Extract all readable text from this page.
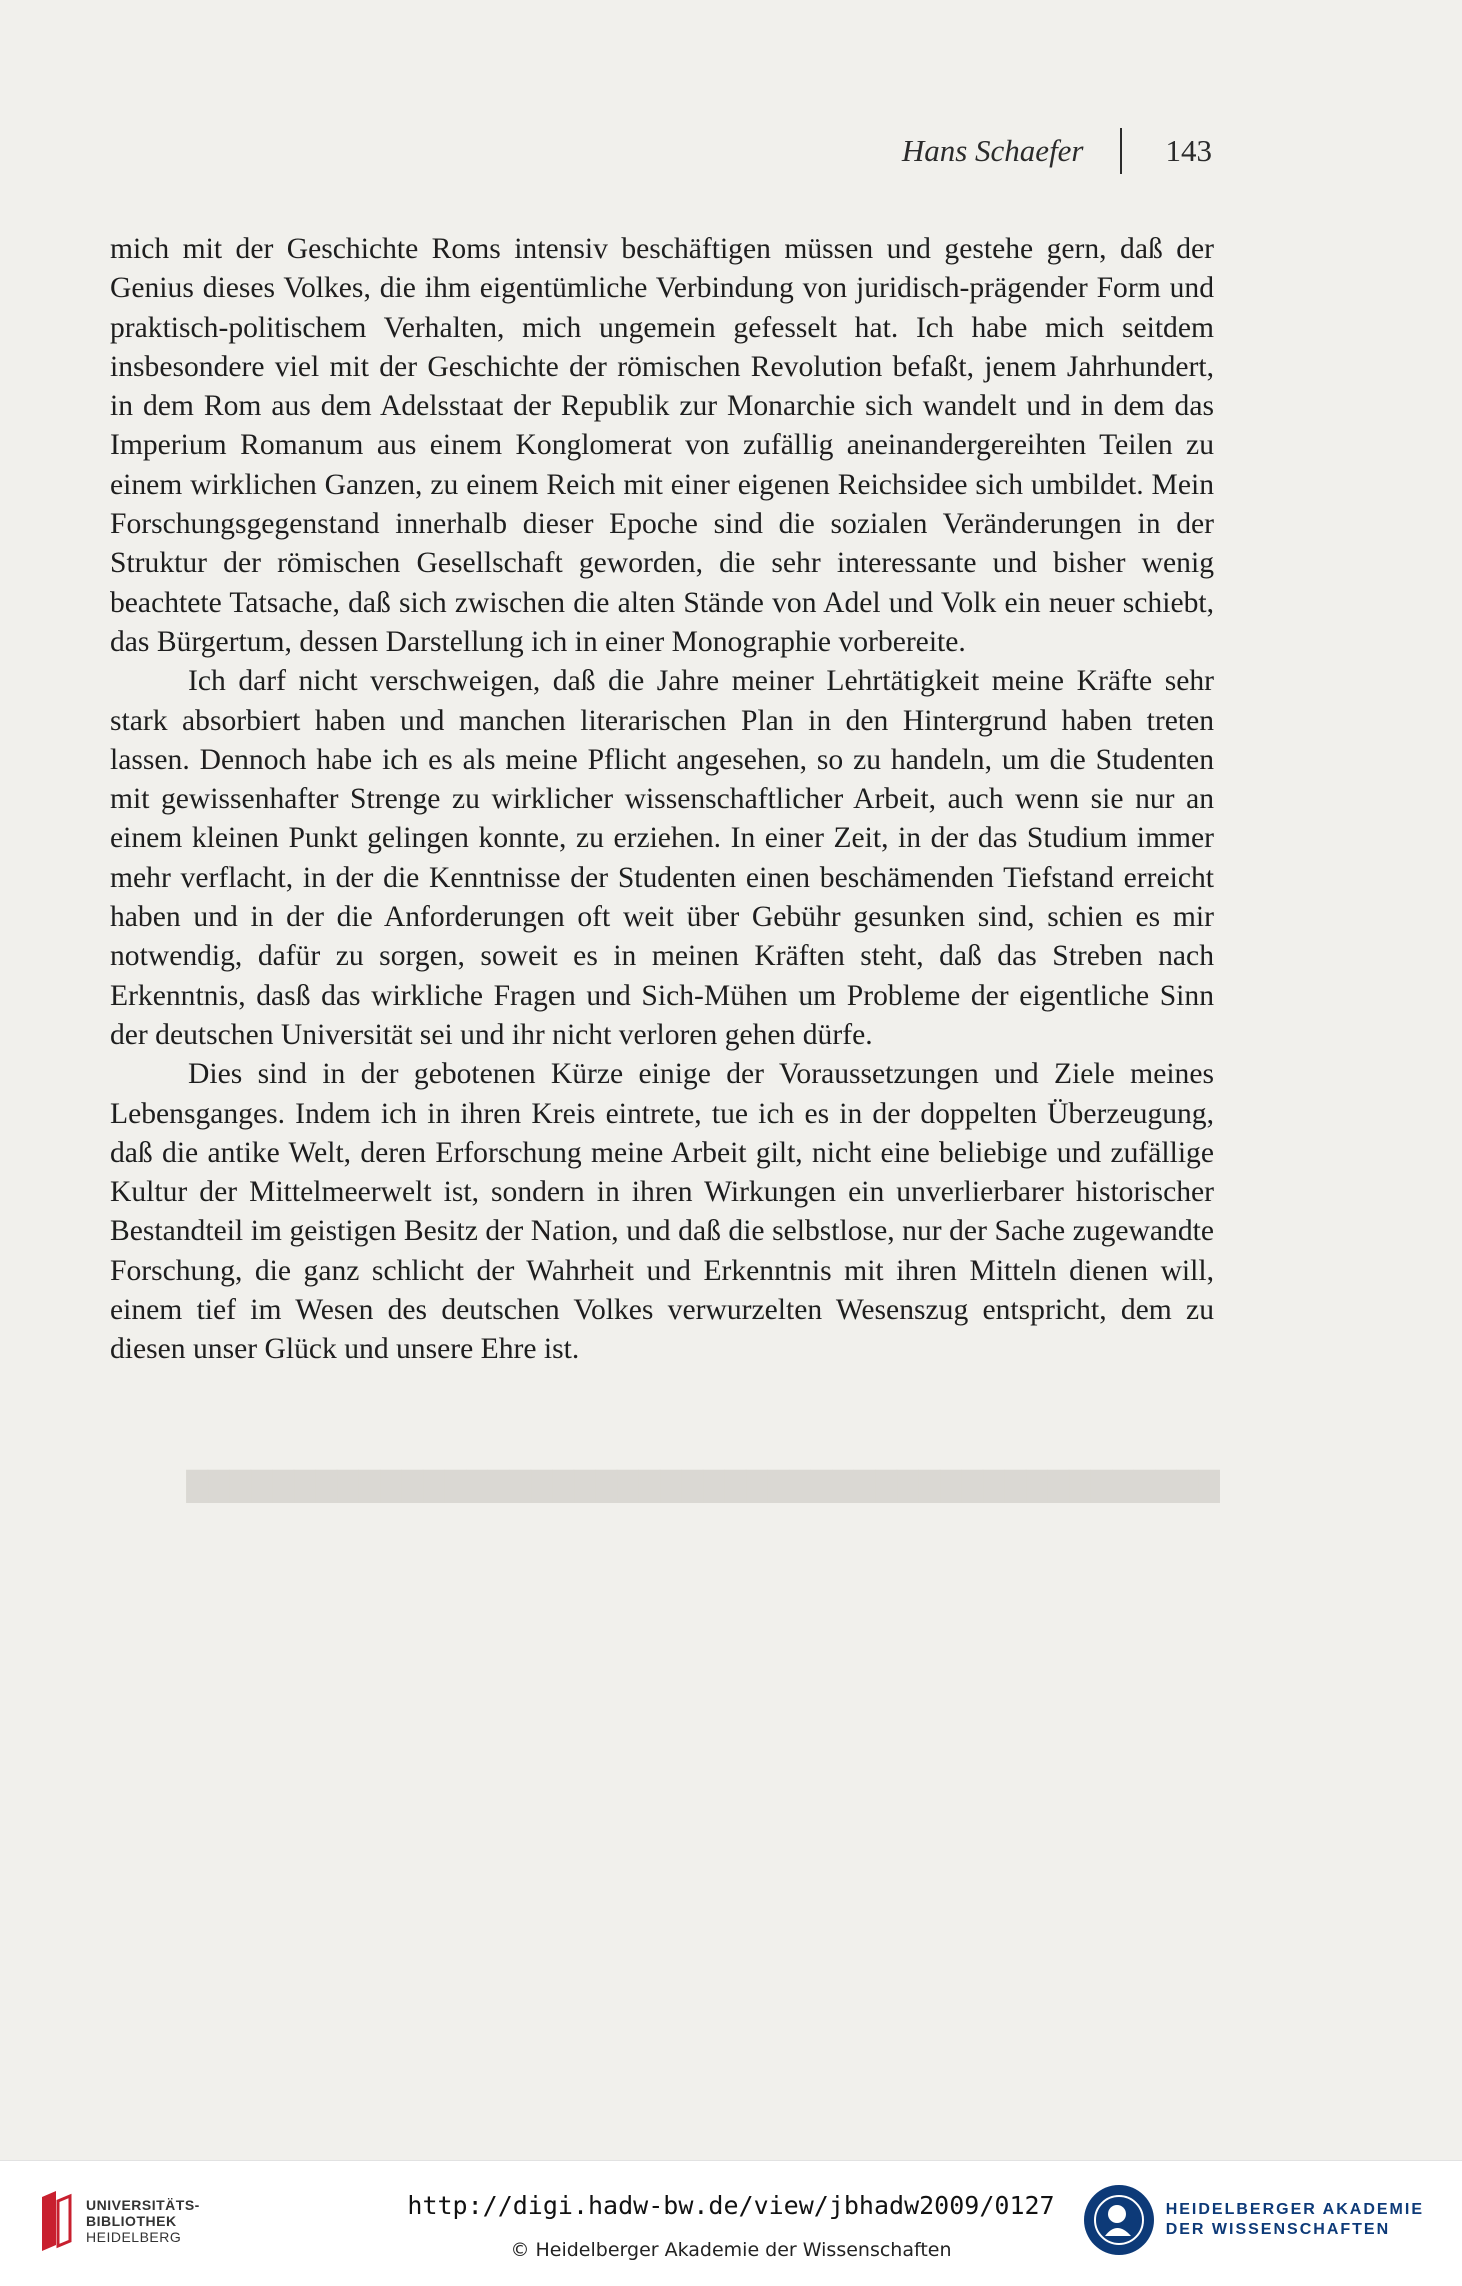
████████████████████████████████████████████████
Hans Schaefer	143

mich mit der Geschichte Roms intensiv beschäftigen müssen und gestehe gern, daß der Genius dieses Volkes, die ihm eigentümliche Verbindung von juridisch-prägender Form und praktisch-politischem Verhalten, mich ungemein gefesselt hat. Ich habe mich seitdem insbesondere viel mit der Geschichte der römischen Revolution befaßt, jenem Jahrhundert, in dem Rom aus dem Adelsstaat der Republik zur Monarchie sich wandelt und in dem das Imperium Romanum aus einem Konglomerat von zufällig aneinandergereihten Teilen zu einem wirklichen Ganzen, zu einem Reich mit einer eigenen Reichsidee sich umbildet. Mein Forschungsgegenstand innerhalb dieser Epoche sind die sozialen Veränderungen in der Struktur der römischen Gesellschaft geworden, die sehr interessante und bisher wenig beachtete Tatsache, daß sich zwischen die alten Stände von Adel und Volk ein neuer schiebt, das Bürgertum, dessen Darstellung ich in einer Monographie vorbereite.

Ich darf nicht verschweigen, daß die Jahre meiner Lehrtätigkeit meine Kräfte sehr stark absorbiert haben und manchen literarischen Plan in den Hintergrund haben treten lassen. Dennoch habe ich es als meine Pflicht angesehen, so zu handeln, um die Studenten mit gewissenhafter Strenge zu wirklicher wissenschaftlicher Arbeit, auch wenn sie nur an einem kleinen Punkt gelingen konnte, zu erziehen. In einer Zeit, in der das Studium immer mehr verflacht, in der die Kenntnisse der Studenten einen beschämenden Tiefstand erreicht haben und in der die Anforderungen oft weit über Gebühr gesunken sind, schien es mir notwendig, dafür zu sorgen, soweit es in meinen Kräften steht, daß das Streben nach Erkenntnis, dasß das wirkliche Fragen und Sich-Mühen um Probleme der eigentliche Sinn der deutschen Universität sei und ihr nicht verloren gehen dürfe.

Dies sind in der gebotenen Kürze einige der Voraussetzungen und Ziele meines Lebensganges. Indem ich in ihren Kreis eintrete, tue ich es in der doppelten Überzeugung, daß die antike Welt, deren Erforschung meine Arbeit gilt, nicht eine beliebige und zufällige Kultur der Mittelmeerwelt ist, sondern in ihren Wirkungen ein unverlierbarer historischer Bestandteil im geistigen Besitz der Nation, und daß die selbstlose, nur der Sache zugewandte Forschung, die ganz schlicht der Wahrheit und Erkenntnis mit ihren Mitteln dienen will, einem tief im Wesen des deutschen Volkes verwurzelten Wesenszug entspricht, dem zu diesen unser Glück und unsere Ehre ist.

UNIVERSITÄTS-
BIBLIOTHEK
HEIDELBERG
http://digi.hadw-bw.de/view/jbhadw2009/0127
© Heidelberger Akademie der Wissenschaften
HEIDELBERGER AKADEMIE
DER WISSENSCHAFTEN
